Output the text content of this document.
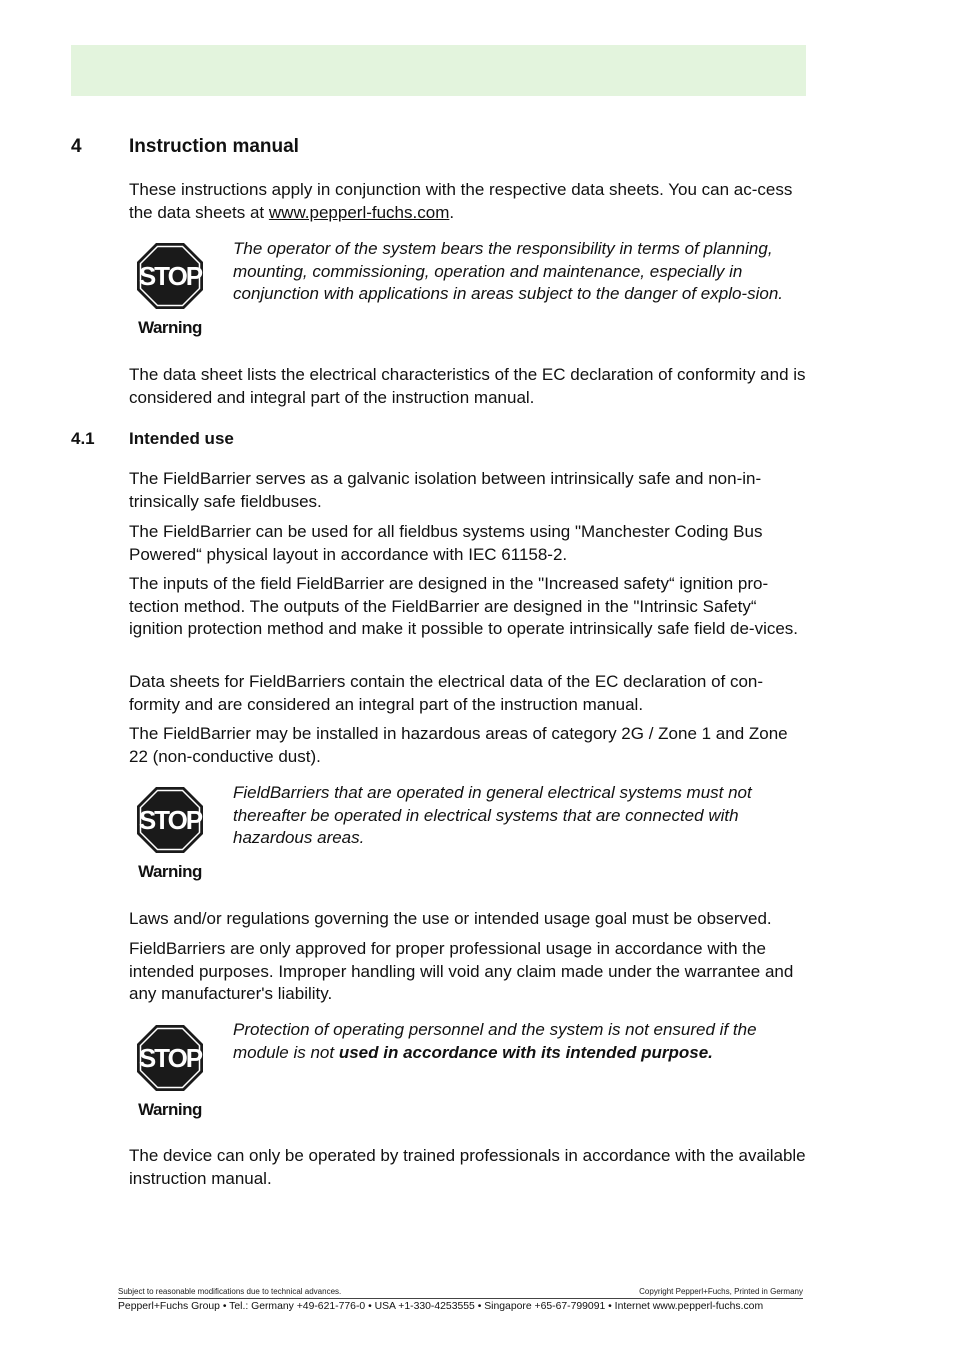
4 Instruction manual

These instructions apply in conjunction with the respective data sheets. You can ac-cess the data sheets at www.pepperl-fuchs.com.

STOP
Warning

The operator of the system bears the responsibility in terms of planning, mounting, commissioning, operation and maintenance, especially in conjunction with applications in areas subject to the danger of explo-sion.

The data sheet lists the electrical characteristics of the EC declaration of conformity and is considered and integral part of the instruction manual.

4.1 Intended use

The FieldBarrier serves as a galvanic isolation between intrinsically safe and non-in-trinsically safe fieldbuses.

The FieldBarrier can be used for all fieldbus systems using "Manchester Coding Bus Powered“ physical layout in accordance with IEC 61158-2.

The inputs of the field FieldBarrier are designed in the "Increased safety“ ignition pro-tection method. The outputs of the FieldBarrier are designed in the "Intrinsic Safety“ ignition protection method and make it possible to operate intrinsically safe field de-vices.

Data sheets for FieldBarriers contain the electrical data of the EC declaration of con-formity and are considered an integral part of the instruction manual.

The FieldBarrier may be installed in hazardous areas of category 2G / Zone 1 and Zone 22 (non-conductive dust).

STOP
Warning

FieldBarriers that are operated in general electrical systems must not thereafter be operated in electrical systems that are connected with hazardous areas.

Laws and/or regulations governing the use or intended usage goal must be observed.

FieldBarriers are only approved for proper professional usage in accordance with the intended purposes. Improper handling will void any claim made under the warrantee and any manufacturer's liability.

STOP
Warning

Protection of operating personnel and the system is not ensured if the module is not used in accordance with its intended purpose.

The device can only be operated by trained professionals in accordance with the available instruction manual.

Subject to reasonable modifications due to technical advances.	Copyright Pepperl+Fuchs, Printed in Germany
Pepperl+Fuchs Group • Tel.: Germany +49-621-776-0 • USA +1-330-4253555 • Singapore +65-67-799091 • Internet www.pepperl-fuchs.com
